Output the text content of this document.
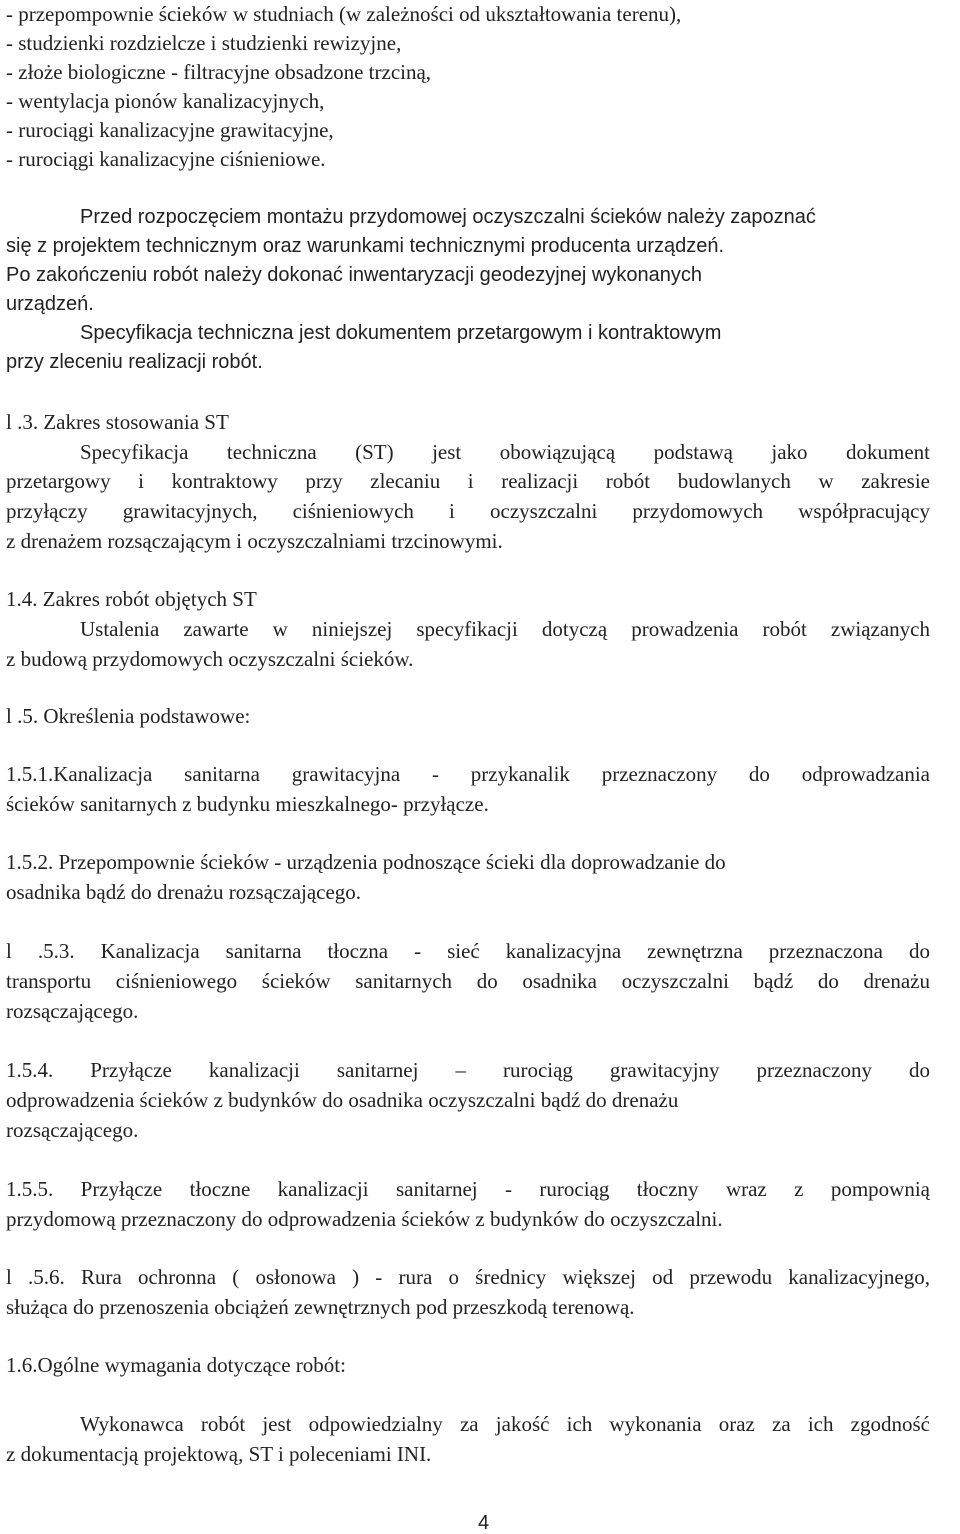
- przepompownie ścieków w studniach (w zależności od ukształtowania terenu),
- studzienki rozdzielcze i studzienki rewizyjne,
- złoże biologiczne - filtracyjne obsadzone trzciną,
- wentylacja pionów kanalizacyjnych,
- rurociągi kanalizacyjne grawitacyjne,
- rurociągi kanalizacyjne ciśnieniowe.
Przed rozpoczęciem montażu przydomowej oczyszczalni ścieków należy zapoznać
się z projektem technicznym oraz warunkami technicznymi producenta urządzeń.
Po zakończeniu robót należy dokonać inwentaryzacji geodezyjnej wykonanych
urządzeń.
Specyfikacja techniczna jest dokumentem przetargowym i kontraktowym
przy zleceniu realizacji robót.
l .3. Zakres stosowania ST
Specyfikacja techniczna (ST) jest obowiązującą podstawą jako dokument
przetargowy i kontraktowy przy zlecaniu i realizacji robót budowlanych w zakresie
przyłączy grawitacyjnych, ciśnieniowych i oczyszczalni przydomowych współpracujący
z drenażem rozsączającym i oczyszczalniami trzcinowymi.
1.4. Zakres robót objętych ST
Ustalenia zawarte w niniejszej specyfikacji dotyczą prowadzenia robót związanych
z budową przydomowych oczyszczalni ścieków.
l .5. Określenia podstawowe:
1.5.1.Kanalizacja sanitarna grawitacyjna - przykanalik przeznaczony do odprowadzania
ścieków sanitarnych z budynku mieszkalnego- przyłącze.
1.5.2. Przepompownie ścieków - urządzenia podnoszące ścieki dla doprowadzanie do
osadnika bądź do drenażu rozsączającego.
l .5.3. Kanalizacja sanitarna tłoczna - sieć kanalizacyjna zewnętrzna przeznaczona do
transportu ciśnieniowego ścieków sanitarnych do osadnika oczyszczalni bądź do drenażu
rozsączającego.
1.5.4. Przyłącze kanalizacji sanitarnej – rurociąg grawitacyjny przeznaczony do
odprowadzenia ścieków z budynków do osadnika oczyszczalni bądź do drenażu
rozsączającego.
1.5.5. Przyłącze tłoczne kanalizacji sanitarnej - rurociąg tłoczny wraz z pompownią
przydomową przeznaczony do odprowadzenia ścieków z budynków do oczyszczalni.
l .5.6. Rura ochronna ( osłonowa ) - rura o średnicy większej od przewodu kanalizacyjnego,
służąca do przenoszenia obciążeń zewnętrznych pod przeszkodą terenową.
1.6.Ogólne wymagania dotyczące robót:
Wykonawca robót jest odpowiedzialny za jakość ich wykonania oraz za ich zgodność
z dokumentacją projektową, ST i poleceniami INI.
4
